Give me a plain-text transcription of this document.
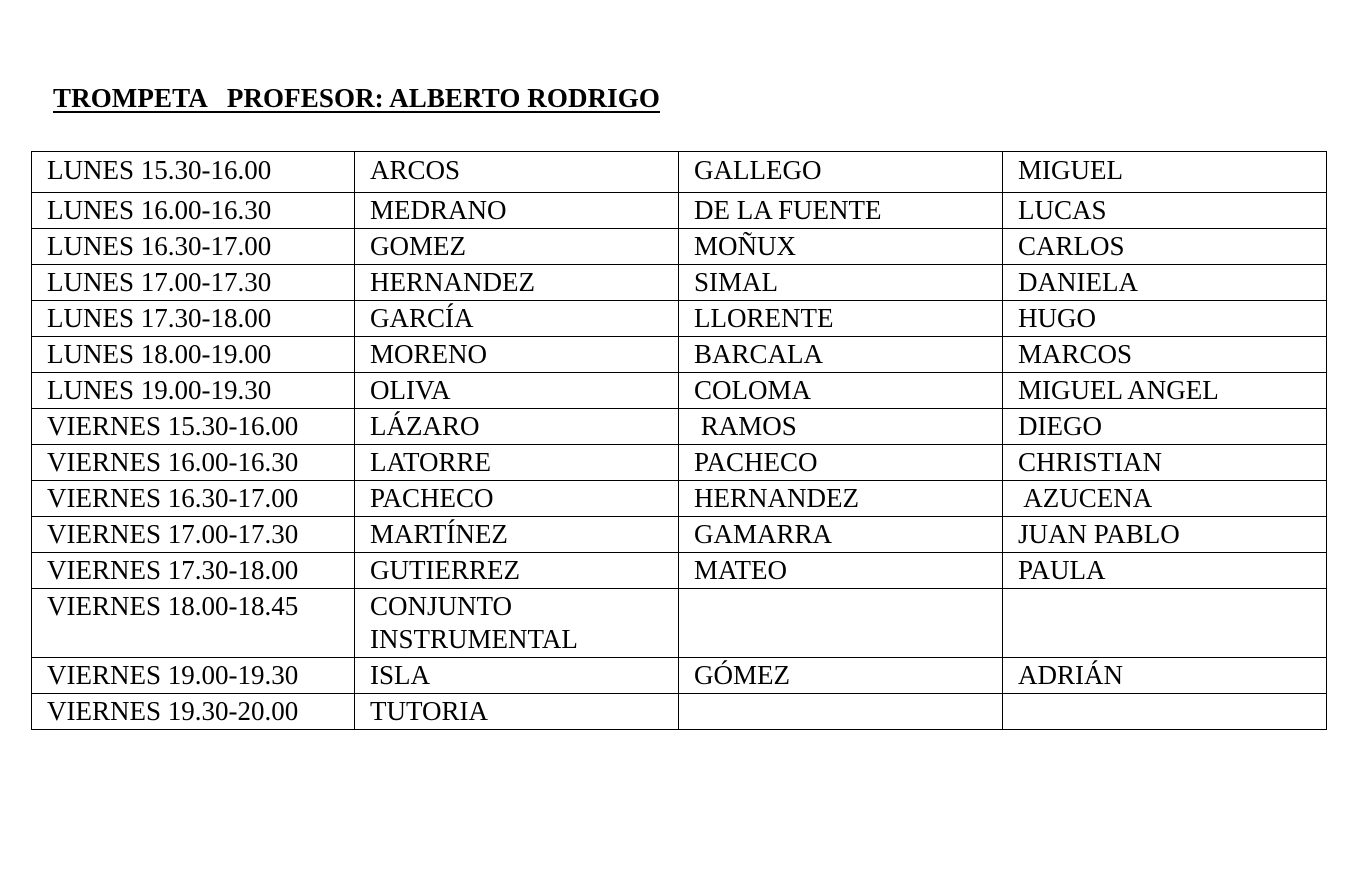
TROMPETA   PROFESOR: ALBERTO RODRIGO
LUNES 15.30-16.00	ARCOS	GALLEGO	MIGUEL
LUNES 16.00-16.30	MEDRANO	DE LA FUENTE	LUCAS
LUNES 16.30-17.00	GOMEZ	MOÑUX	CARLOS
LUNES 17.00-17.30	HERNANDEZ	SIMAL	DANIELA
LUNES 17.30-18.00	GARCÍA	LLORENTE	HUGO
LUNES 18.00-19.00	MORENO	BARCALA	MARCOS
LUNES 19.00-19.30	OLIVA	COLOMA	MIGUEL ANGEL
VIERNES 15.30-16.00	LÁZARO	RAMOS	DIEGO
VIERNES 16.00-16.30	LATORRE	PACHECO	CHRISTIAN
VIERNES 16.30-17.00	PACHECO	HERNANDEZ	AZUCENA
VIERNES 17.00-17.30	MARTÍNEZ	GAMARRA	JUAN PABLO
VIERNES 17.30-18.00	GUTIERREZ	MATEO	PAULA
VIERNES 18.00-18.45	CONJUNTO
INSTRUMENTAL		
VIERNES 19.00-19.30	ISLA	GÓMEZ	ADRIÁN
VIERNES 19.30-20.00	TUTORIA		
